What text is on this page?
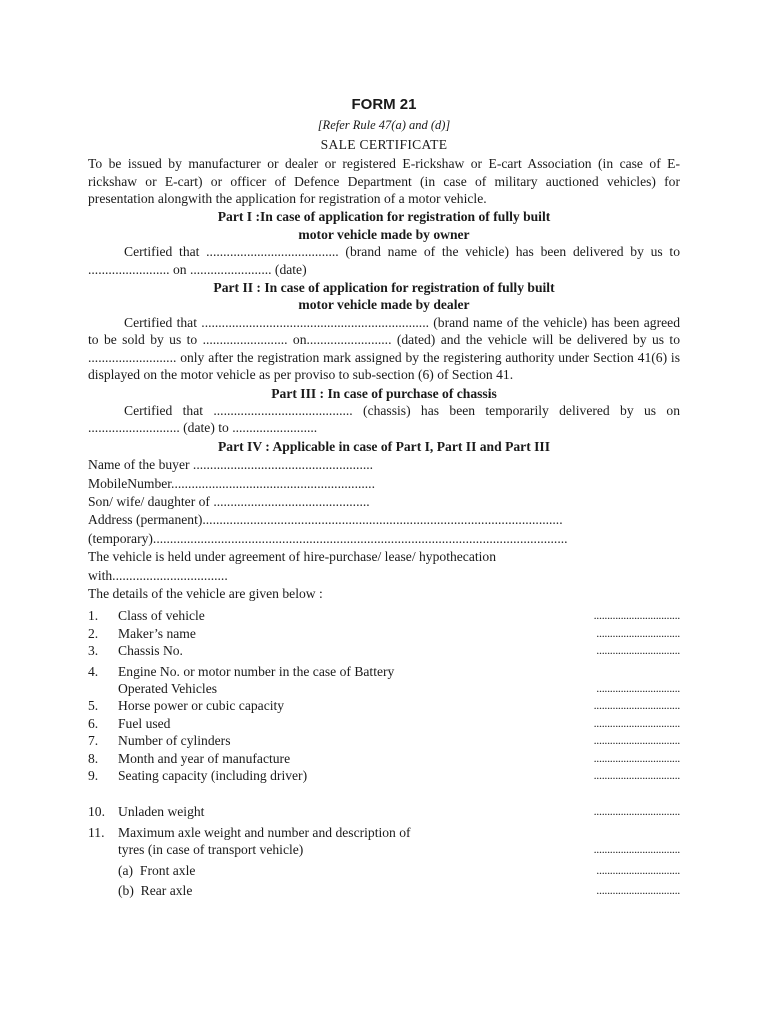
FORM 21
[Refer Rule 47(a) and (d)]
SALE CERTIFICATE

To be issued by manufacturer or dealer or registered E-rickshaw or E-cart Association (in case of E-rickshaw or E-cart) or officer of Defence Department (in case of military auctioned vehicles) for presentation alongwith the application for registration of a motor vehicle.

Part I :In case of application for registration of fully built
motor vehicle made by owner

Certified that ....................................... (brand name of the vehicle) has been delivered by us to ........................ on ........................ (date)

Part II : In case of application for registration of fully built
motor vehicle made by dealer

Certified that ................................................................... (brand name of the vehicle) has been agreed to be sold by us to ......................... on......................... (dated) and the vehicle will be delivered by us to .......................... only after the registration mark assigned by the registering authority under Section 41(6) is displayed on the motor vehicle as per proviso to sub-section (6) of Section 41.

Part III : In case of purchase of chassis

Certified that ......................................... (chassis) has been temporarily delivered by us on ........................... (date) to .........................

Part IV : Applicable in case of Part I, Part II and Part III
Name of the buyer .....................................................
MobileNumber............................................................
Son/ wife/ daughter of ..............................................
Address (permanent)..........................................................................................................
(temporary)..........................................................................................................................
The vehicle is held under agreement of hire-purchase/ lease/ hypothecation
with..................................
The details of the vehicle are given below :
1.	Class of vehicle	................................
2.	Maker’s name	...............................
3.	Chassis No.	...............................
4.	Engine No. or motor number in the case of Battery
Operated Vehicles	...............................
5.	Horse power or cubic capacity	................................
6.	Fuel used	................................
7.	Number of cylinders	................................
8.	Month and year of manufacture	................................
9.	Seating capacity (including driver)	................................
10. Unladen weight	................................
11. Maximum axle weight and number and description of
tyres (in case of transport vehicle)	................................
(a) Front axle	...............................
(b) Rear axle	...............................
